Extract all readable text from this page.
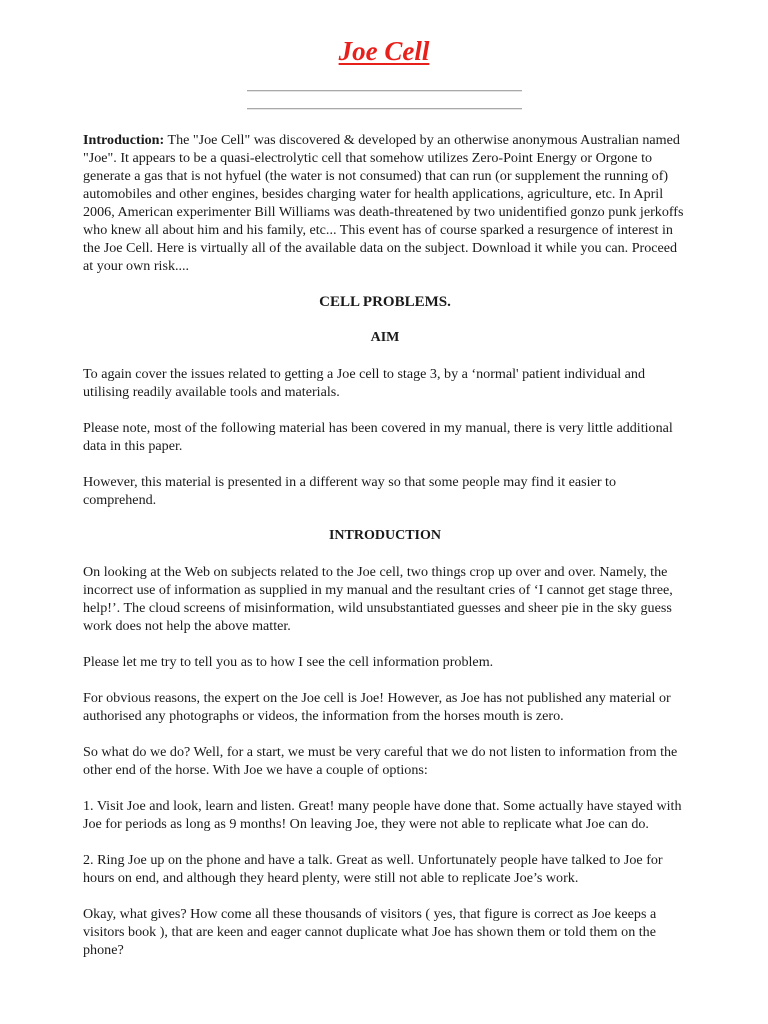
Joe Cell

Introduction: The "Joe Cell" was discovered & developed by an otherwise anonymous Australian named "Joe". It appears to be a quasi-electrolytic cell that somehow utilizes Zero-Point Energy or Orgone to generate a gas that is not hyfuel (the water is not consumed) that can run (or supplement the running of) automobiles and other engines, besides charging water for health applications, agriculture, etc. In April 2006, American experimenter Bill Williams was death-threatened by two unidentified gonzo punk jerkoffs who knew all about him and his family, etc... This event has of course sparked a resurgence of interest in the Joe Cell. Here is virtually all of the available data on the subject. Download it while you can. Proceed at your own risk....

CELL PROBLEMS.

AIM

To again cover the issues related to getting a Joe cell to stage 3, by a ‘normal' patient individual and utilising readily available tools and materials.

Please note, most of the following material has been covered in my manual, there is very little additional data in this paper.

However, this material is presented in a different way so that some people may find it easier to comprehend.

INTRODUCTION

On looking at the Web on subjects related to the Joe cell, two things crop up over and over. Namely, the incorrect use of information as supplied in my manual and the resultant cries of ‘I cannot get stage three, help!’. The cloud screens of misinformation, wild unsubstantiated guesses and sheer pie in the sky guess work does not help the above matter.

Please let me try to tell you as to how I see the cell information problem.

For obvious reasons, the expert on the Joe cell is Joe! However, as Joe has not published any material or authorised any photographs or videos, the information from the horses mouth is zero.

So what do we do? Well, for a start, we must be very careful that we do not listen to information from the other end of the horse. With Joe we have a couple of options:

1. Visit Joe and look, learn and listen. Great! many people have done that. Some actually have stayed with Joe for periods as long as 9 months! On leaving Joe, they were not able to replicate what Joe can do.

2. Ring Joe up on the phone and have a talk. Great as well. Unfortunately people have talked to Joe for hours on end, and although they heard plenty, were still not able to replicate Joe’s work.

Okay, what gives? How come all these thousands of visitors ( yes, that figure is correct as Joe keeps a visitors book ), that are keen and eager cannot duplicate what Joe has shown them or told them on the phone?
